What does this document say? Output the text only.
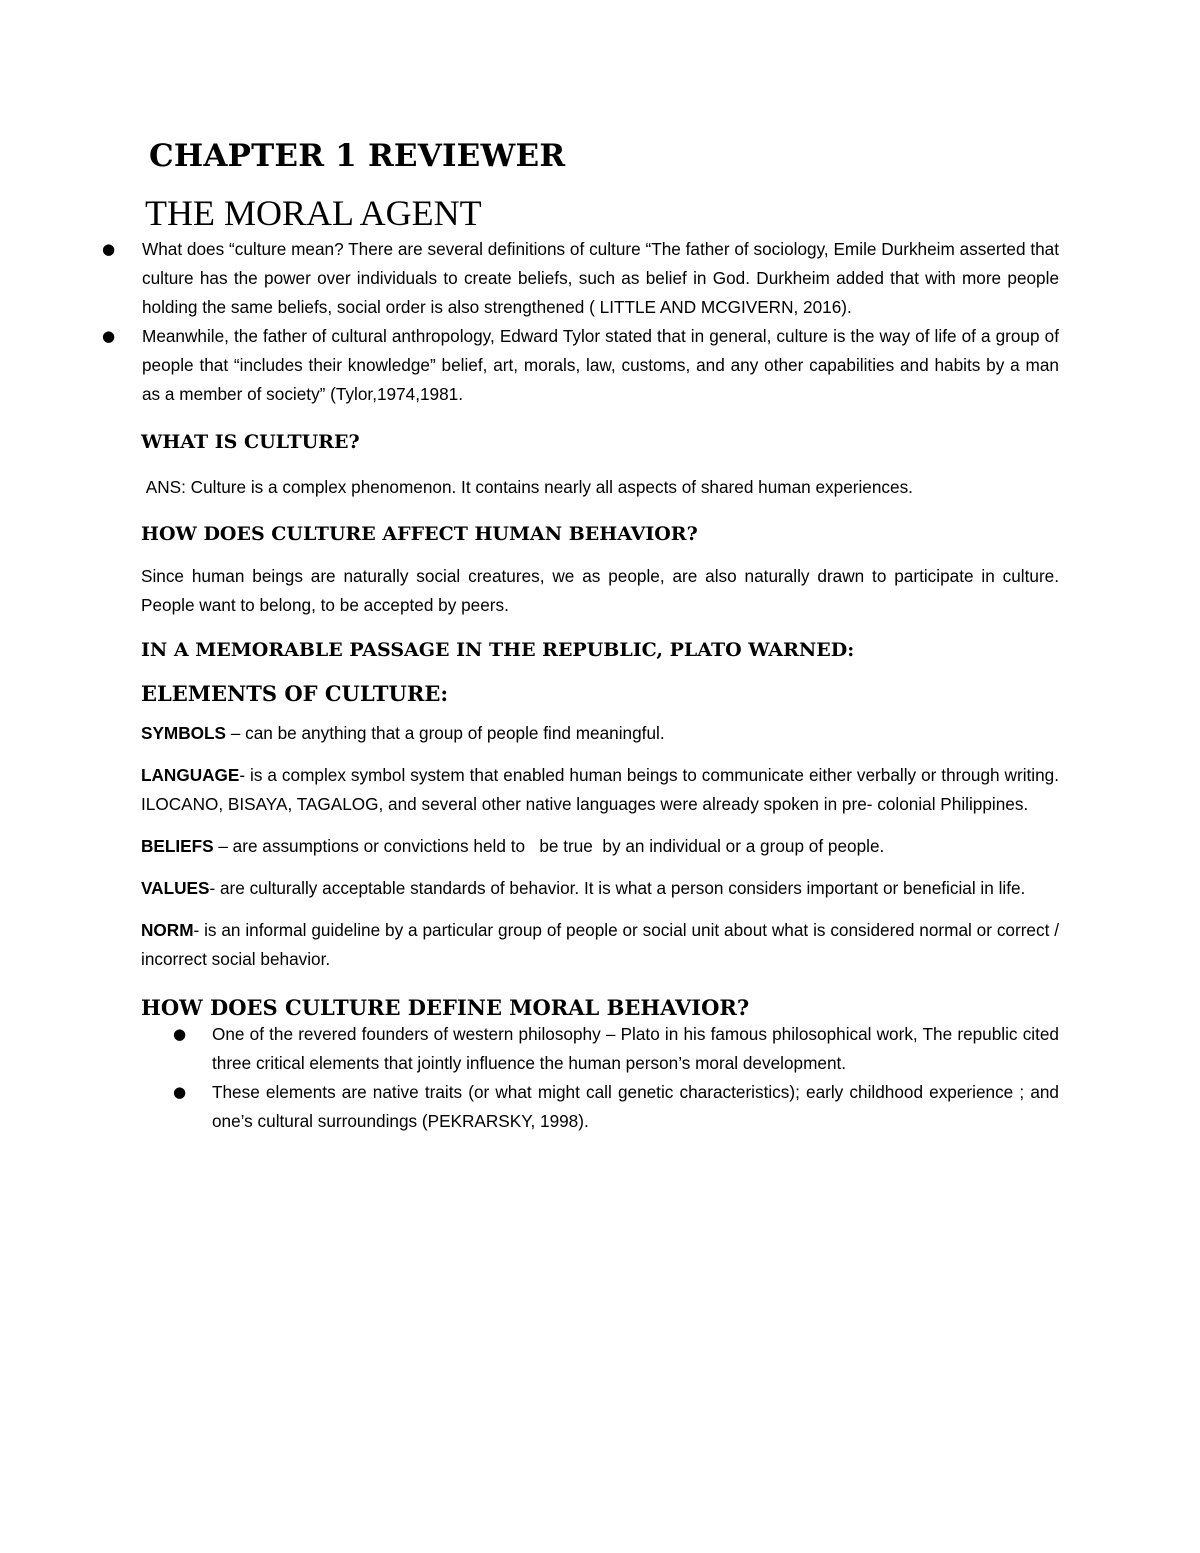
CHAPTER 1 REVIEWER
THE MORAL AGENT
● What does “culture mean? There are several definitions of culture “The father of sociology, Emile Durkheim asserted that culture has the power over individuals to create beliefs, such as belief in God. Durkheim added that with more people holding the same beliefs, social order is also strengthened ( LITTLE AND MCGIVERN, 2016).
● Meanwhile, the father of cultural anthropology, Edward Tylor stated that in general, culture is the way of life of a group of people that “includes their knowledge” belief, art, morals, law, customs, and any other capabilities and habits by a man as a member of society” (Tylor,1974,1981.
WHAT IS CULTURE?

ANS: Culture is a complex phenomenon. It contains nearly all aspects of shared human experiences.

HOW DOES CULTURE AFFECT HUMAN BEHAVIOR?

Since human beings are naturally social creatures, we as people, are also naturally drawn to participate in culture. People want to belong, to be accepted by peers.

IN A MEMORABLE PASSAGE IN THE REPUBLIC, PLATO WARNED:
ELEMENTS OF CULTURE:

SYMBOLS – can be anything that a group of people find meaningful.

LANGUAGE- is a complex symbol system that enabled human beings to communicate either verbally or through writing. ILOCANO, BISAYA, TAGALOG, and several other native languages were already spoken in pre- colonial Philippines.

BELIEFS – are assumptions or convictions held to   be true  by an individual or a group of people.

VALUES- are culturally acceptable standards of behavior. It is what a person considers important or beneficial in life.

NORM- is an informal guideline by a particular group of people or social unit about what is considered normal or correct / incorrect social behavior.

HOW DOES CULTURE DEFINE MORAL BEHAVIOR?
● One of the revered founders of western philosophy – Plato in his famous philosophical work, The republic cited three critical elements that jointly influence the human person’s moral development.
● These elements are native traits (or what might call genetic characteristics); early childhood experience ; and one’s cultural surroundings (PEKRARSKY, 1998).
